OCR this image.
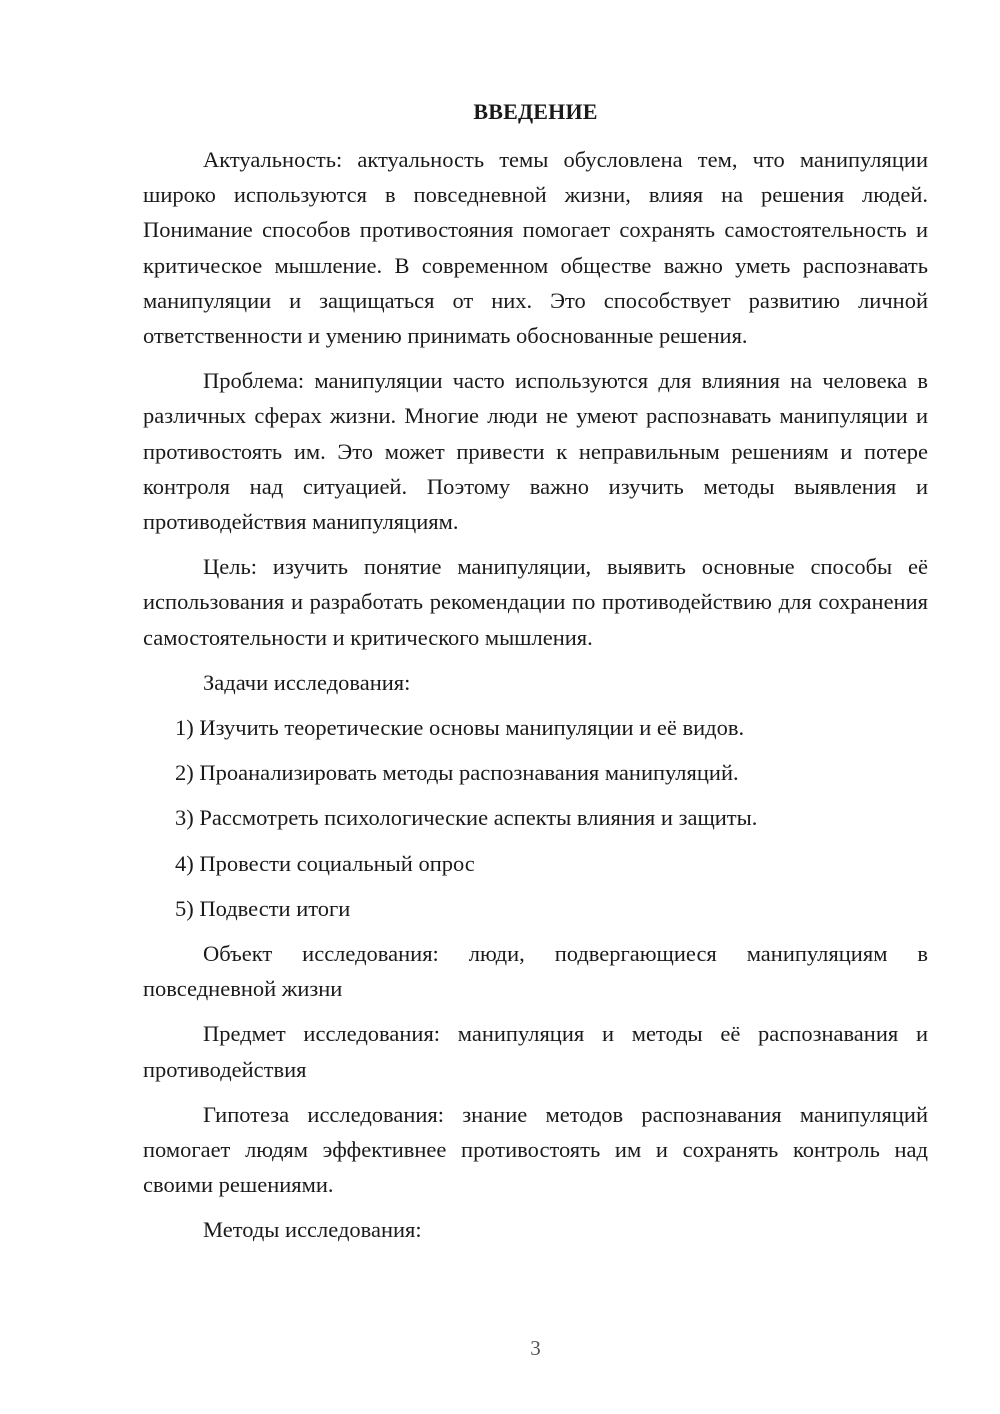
ВВЕДЕНИЕ

Актуальность: актуальность темы обусловлена тем, что манипуляции широко используются в повседневной жизни, влияя на решения людей. Понимание способов противостояния помогает сохранять самостоятельность и критическое мышление. В современном обществе важно уметь распознавать манипуляции и защищаться от них. Это способствует развитию личной ответственности и умению принимать обоснованные решения.

Проблема: манипуляции часто используются для влияния на человека в различных сферах жизни. Многие люди не умеют распознавать манипуляции и противостоять им. Это может привести к неправильным решениям и потере контроля над ситуацией. Поэтому важно изучить методы выявления и противодействия манипуляциям.

Цель: изучить понятие манипуляции, выявить основные способы её использования и разработать рекомендации по противодействию для сохранения самостоятельности и критического мышления.

Задачи исследования:

1) Изучить теоретические основы манипуляции и её видов.

2) Проанализировать методы распознавания манипуляций.

3) Рассмотреть психологические аспекты влияния и защиты.

4) Провести социальный опрос

5) Подвести итоги

Объект исследования: люди, подвергающиеся манипуляциям в повседневной жизни

Предмет исследования: манипуляция и методы её распознавания и противодействия

Гипотеза исследования: знание методов распознавания манипуляций помогает людям эффективнее противостоять им и сохранять контроль над своими решениями.

Методы исследования:

3
